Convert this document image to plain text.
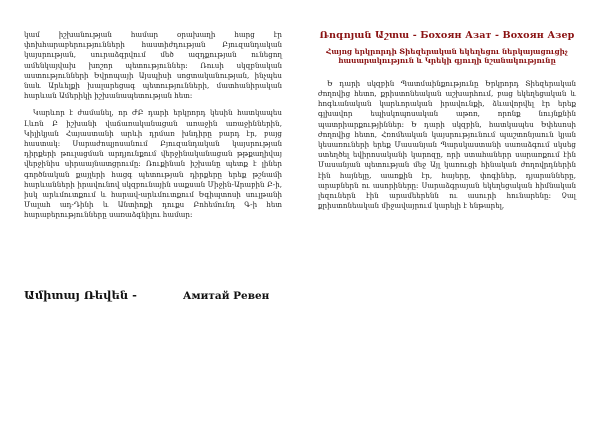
կամ իշխանության համար օրախաղի հարց էր փոխհարաբերությունների հաստիժդության Բյուզանդական կայսրության, սուրաձգրվում մեծ ազդքության ունեցող ամենկայվախ խոշոր պետություններ։ Ռուսի սկզբնական աստությունների Եվրոպայի Այսպիսի սոցտականության, ինչպես նաև Արևելքի խալարեցագ պետությունների, մատհանիրական հարևան Ամերիկի իշխանապետության հետ։

Կարևոր է ժամանել, որ ԺԲ դարի երկրորդ կեսին հատկապես Լևոն Բ իշխանի վաճառականացան առաջին առաջիններին, Կիլիկյան Հայաստանի արևի դրմառ խնդիրը բարդ էր, բայց հաստակ։ Սարաժոպյոսանում Բյուզանդական կայսրության դիրքերի թուլացման արդյունքում վերջինականացան թթքաղիվայ վերջինիս սիրաայնատցրումը։ Ռուքինան իշխանը պետք է լիներ գործնական քայլերի հացգ պետության դիրքերը երեք թշնամի հարևանների իրավունով սկզբունային սաքսան Միջին-Արաբին Բ-ի, իսկ արևմուտքում և հարավ-արևմուտքում Եգիպտոսի սուլթանի Մալահ ադ-Դինի և Անտիոքի դուքս Բոհեմունդ Գ-ի հետ հարաբերությունները սառաձգնիլու համար։

Ամիտայ Ռեվեն -	Амитай Ревен
Ռոգոյան Աշտա - Бохоян Азат - Вохоян Азер
Հայոց երկրորդի Տիեզերական եկեղեցու ներկայացուցիչ
հասարակություն և Կրեկի գյուղի նշանակությունը

Ե դարի սկզբին Պատմաինքությունը Երկրորդ Տիեզերական ժողովից հետո, քրիստոնեական աշխարհում, բաց եկեղեցական և հոգևանական կարևորական իրավունքի, ձևավորվել էր երեք գլխավոր եպիսկոպոսական աթոռ, որոնք նույնքնին պատրիարքությիններ։ Ե դարի սկզբին, հատկապես Եփեսոսի ժողովից հետո, Հռոմեական կայսրությունում պաշտոնյաուն կյան կեսառուների երեք Մասանյան Պարսկաստանի սառաձգում սկսեց ստեղծել եվիրոսականի կարոզը, որի ստահաներր սարառքում էին Մասանյան պետության մեջ Այլ կառուցի հինական ժողովրդներին էին հայնելը, աառքին էր, հայերը, փոգիներ, դյարանները, արաբներն ու ասորիները։ Սարաձգրայան եկեղեցական հիմնական լեզուներն էին արամեերենն ու ասուրի հունարենը։ Չալ քրիստոնեական միջավայրում կարելի է ենթարել,
